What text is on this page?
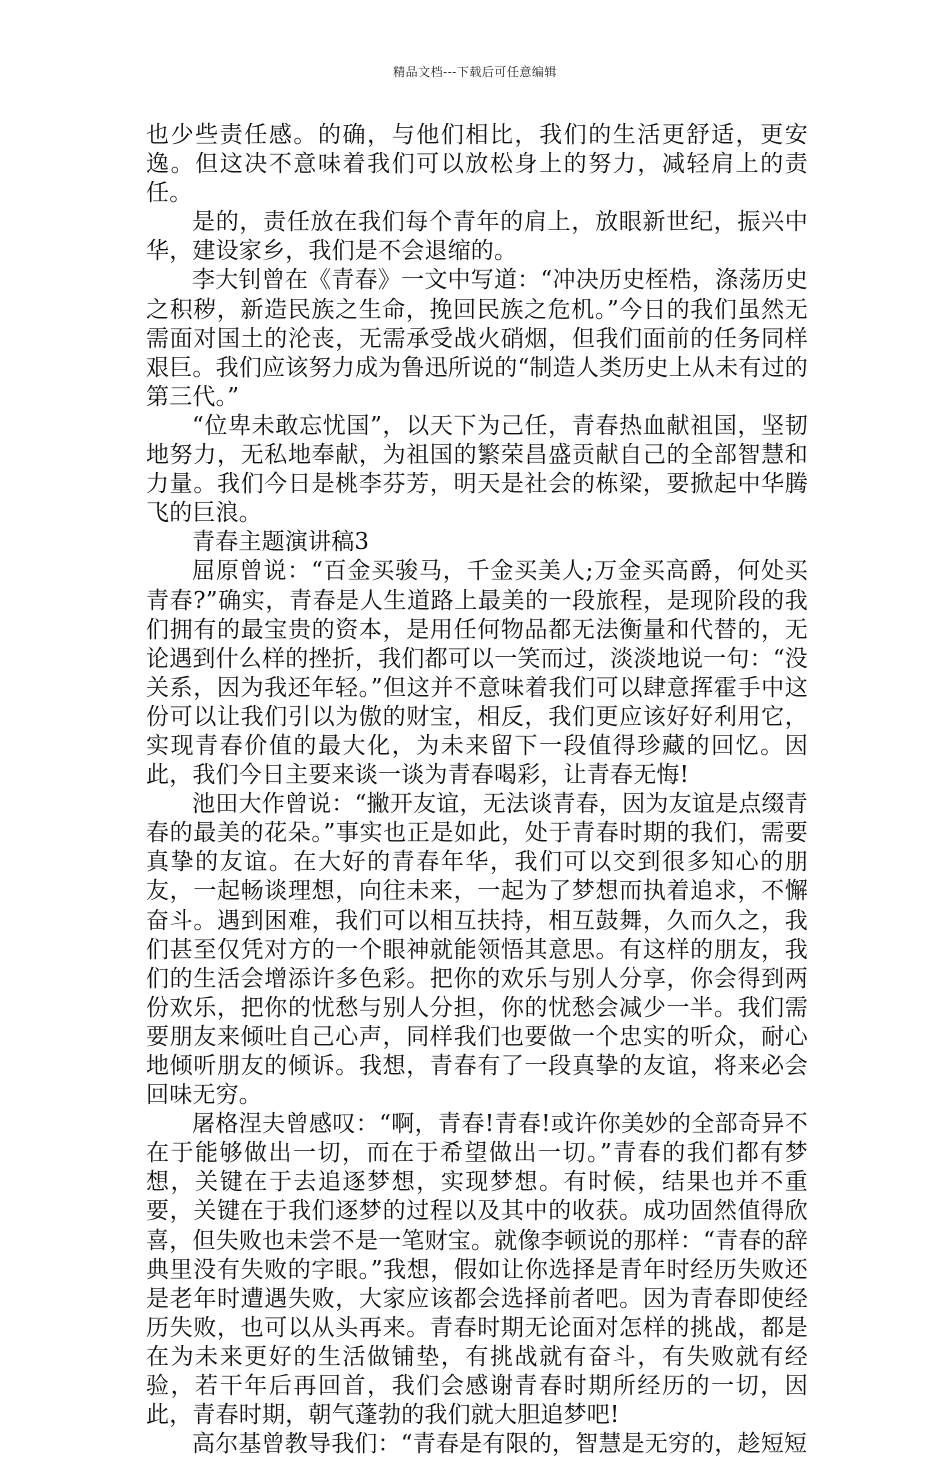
精品文档---下载后可任意编辑

也少些责任感。的确，与他们相比，我们的生活更舒适，更安逸。但这决不意味着我们可以放松身上的努力，减轻肩上的责任。

是的，责任放在我们每个青年的肩上，放眼新世纪，振兴中华，建设家乡，我们是不会退缩的。

李大钊曾在《青春》一文中写道：“冲决历史桎梏，涤荡历史之积秽，新造民族之生命，挽回民族之危机。”今日的我们虽然无需面对国土的沦丧，无需承受战火硝烟，但我们面前的任务同样艰巨。我们应该努力成为鲁迅所说的“制造人类历史上从未有过的第三代。”

“位卑未敢忘忧国”，以天下为己任，青春热血献祖国，坚韧地努力，无私地奉献，为祖国的繁荣昌盛贡献自己的全部智慧和力量。我们今日是桃李芬芳，明天是社会的栋梁，要掀起中华腾飞的巨浪。

青春主题演讲稿3

屈原曾说：“百金买骏马，千金买美人;万金买高爵，何处买青春?”确实，青春是人生道路上最美的一段旅程，是现阶段的我们拥有的最宝贵的资本，是用任何物品都无法衡量和代替的，无论遇到什么样的挫折，我们都可以一笑而过，淡淡地说一句：“没关系，因为我还年轻。”但这并不意味着我们可以肆意挥霍手中这份可以让我们引以为傲的财宝，相反，我们更应该好好利用它，实现青春价值的最大化，为未来留下一段值得珍藏的回忆。因此，我们今日主要来谈一谈为青春喝彩，让青春无悔!

池田大作曾说：“撇开友谊，无法谈青春，因为友谊是点缀青春的最美的花朵。”事实也正是如此，处于青春时期的我们，需要真挚的友谊。在大好的青春年华，我们可以交到很多知心的朋友，一起畅谈理想，向往未来，一起为了梦想而执着追求，不懈奋斗。遇到困难，我们可以相互扶持，相互鼓舞，久而久之，我们甚至仅凭对方的一个眼神就能领悟其意思。有这样的朋友，我们的生活会增添许多色彩。把你的欢乐与别人分享，你会得到两份欢乐，把你的忧愁与别人分担，你的忧愁会减少一半。我们需要朋友来倾吐自己心声，同样我们也要做一个忠实的听众，耐心地倾听朋友的倾诉。我想，青春有了一段真挚的友谊，将来必会回味无穷。

屠格涅夫曾感叹：“啊，青春!青春!或许你美妙的全部奇异不在于能够做出一切，而在于希望做出一切。”青春的我们都有梦想，关键在于去追逐梦想，实现梦想。有时候，结果也并不重要，关键在于我们逐梦的过程以及其中的收获。成功固然值得欣喜，但失败也未尝不是一笔财宝。就像李顿说的那样：“青春的辞典里没有失败的字眼。”我想，假如让你选择是青年时经历失败还是老年时遭遇失败，大家应该都会选择前者吧。因为青春即使经历失败，也可以从头再来。青春时期无论面对怎样的挑战，都是在为未来更好的生活做铺垫，有挑战就有奋斗，有失败就有经验，若干年后再回首，我们会感谢青春时期所经历的一切，因此，青春时期，朝气蓬勃的我们就大胆追梦吧!

高尔基曾教导我们：“青春是有限的，智慧是无穷的，趁短短
